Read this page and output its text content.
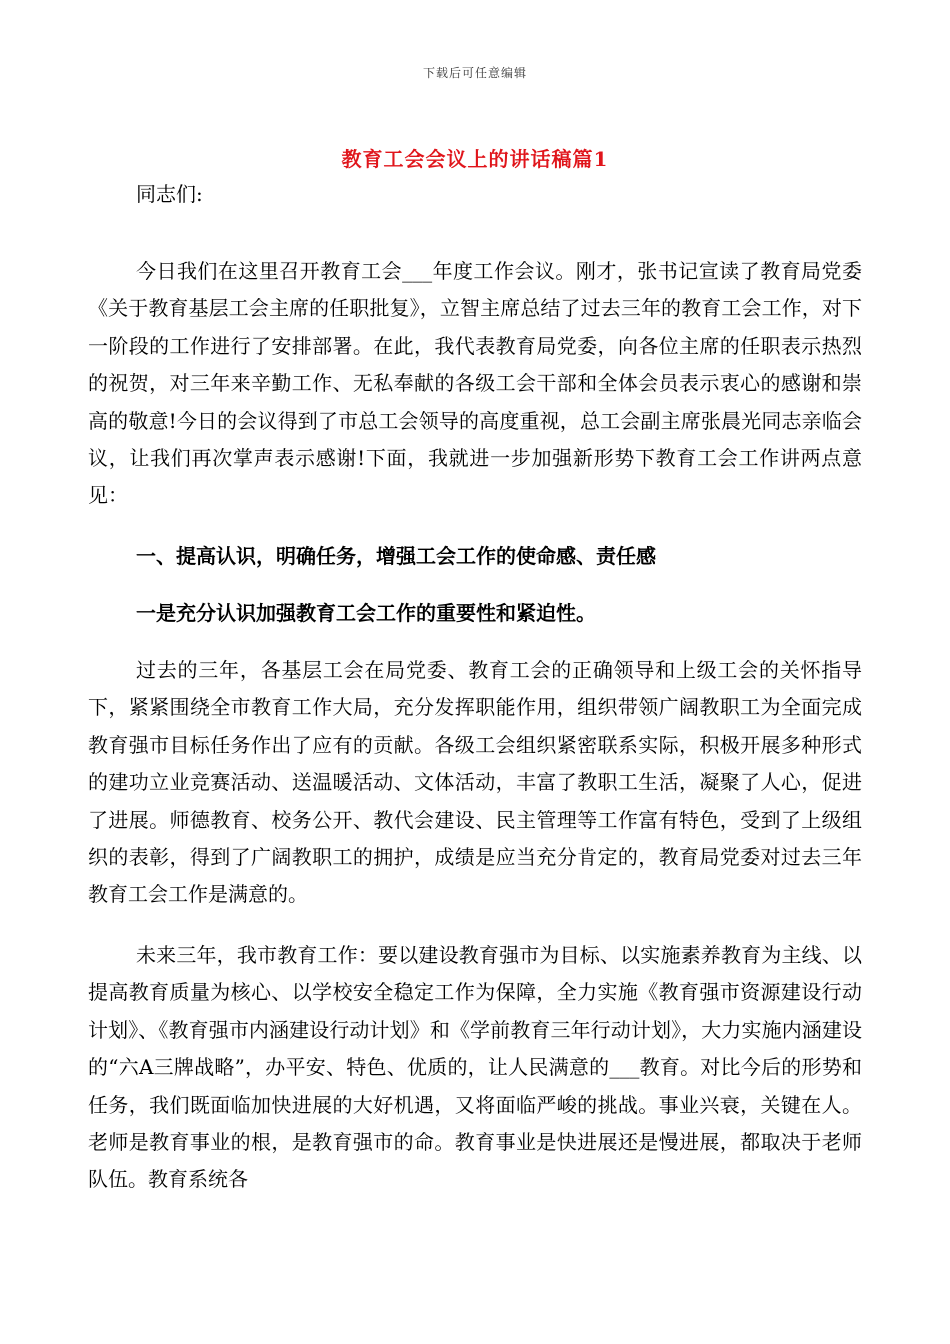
下载后可任意编辑
教育工会会议上的讲话稿篇1
同志们:

今日我们在这里召开教育工会___年度工作会议。刚才，张书记宣读了教育局党委《关于教育基层工会主席的任职批复》，立智主席总结了过去三年的教育工会工作，对下一阶段的工作进行了安排部署。在此，我代表教育局党委，向各位主席的任职表示热烈的祝贺，对三年来辛勤工作、无私奉献的各级工会干部和全体会员表示衷心的感谢和崇高的敬意!今日的会议得到了市总工会领导的高度重视，总工会副主席张晨光同志亲临会议，让我们再次掌声表示感谢!下面，我就进一步加强新形势下教育工会工作讲两点意见：

一、提高认识，明确任务，增强工会工作的使命感、责任感
一是充分认识加强教育工会工作的重要性和紧迫性。

过去的三年，各基层工会在局党委、教育工会的正确领导和上级工会的关怀指导下，紧紧围绕全市教育工作大局，充分发挥职能作用，组织带领广阔教职工为全面完成教育强市目标任务作出了应有的贡献。各级工会组织紧密联系实际，积极开展多种形式的建功立业竞赛活动、送温暖活动、文体活动，丰富了教职工生活，凝聚了人心，促进了进展。师德教育、校务公开、教代会建设、民主管理等工作富有特色，受到了上级组织的表彰，得到了广阔教职工的拥护，成绩是应当充分肯定的，教育局党委对过去三年教育工会工作是满意的。

未来三年，我市教育工作：要以建设教育强市为目标、以实施素养教育为主线、以提高教育质量为核心、以学校安全稳定工作为保障，全力实施《教育强市资源建设行动计划》、《教育强市内涵建设行动计划》和《学前教育三年行动计划》，大力实施内涵建设的“六A三牌战略”，办平安、特色、优质的，让人民满意的___教育。对比今后的形势和任务，我们既面临加快进展的大好机遇，又将面临严峻的挑战。事业兴衰，关键在人。老师是教育事业的根，是教育强市的命。教育事业是快进展还是慢进展，都取决于老师队伍。教育系统各
